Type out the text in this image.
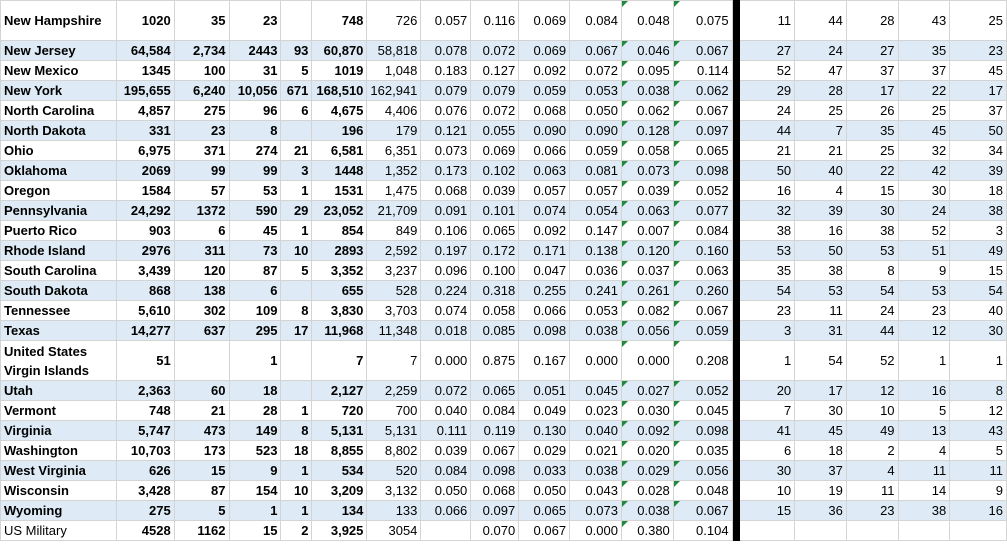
New Hampshire	1020	35	23		748	726	0.057	0.116	0.069	0.084	0.048	0.075		11	44	28	43	25
New Jersey	64,584	2,734	2443	93	60,870	58,818	0.078	0.072	0.069	0.067	0.046	0.067		27	24	27	35	23
New Mexico	1345	100	31	5	1019	1,048	0.183	0.127	0.092	0.072	0.095	0.114		52	47	37	37	45
New York	195,655	6,240	10,056	671	168,510	162,941	0.079	0.079	0.059	0.053	0.038	0.062		29	28	17	22	17
North Carolina	4,857	275	96	6	4,675	4,406	0.076	0.072	0.068	0.050	0.062	0.067		24	25	26	25	37
North Dakota	331	23	8		196	179	0.121	0.055	0.090	0.090	0.128	0.097		44	7	35	45	50
Ohio	6,975	371	274	21	6,581	6,351	0.073	0.069	0.066	0.059	0.058	0.065		21	21	25	32	34
Oklahoma	2069	99	99	3	1448	1,352	0.173	0.102	0.063	0.081	0.073	0.098		50	40	22	42	39
Oregon	1584	57	53	1	1531	1,475	0.068	0.039	0.057	0.057	0.039	0.052		16	4	15	30	18
Pennsylvania	24,292	1372	590	29	23,052	21,709	0.091	0.101	0.074	0.054	0.063	0.077		32	39	30	24	38
Puerto Rico	903	6	45	1	854	849	0.106	0.065	0.092	0.147	0.007	0.084		38	16	38	52	3
Rhode Island	2976	311	73	10	2893	2,592	0.197	0.172	0.171	0.138	0.120	0.160		53	50	53	51	49
South Carolina	3,439	120	87	5	3,352	3,237	0.096	0.100	0.047	0.036	0.037	0.063		35	38	8	9	15
South Dakota	868	138	6		655	528	0.224	0.318	0.255	0.241	0.261	0.260		54	53	54	53	54
Tennessee	5,610	302	109	8	3,830	3,703	0.074	0.058	0.066	0.053	0.082	0.067		23	11	24	23	40
Texas	14,277	637	295	17	11,968	11,348	0.018	0.085	0.098	0.038	0.056	0.059		3	31	44	12	30
United States Virgin Islands	51		1		7	7	0.000	0.875	0.167	0.000	0.000	0.208		1	54	52	1	1
Utah	2,363	60	18		2,127	2,259	0.072	0.065	0.051	0.045	0.027	0.052		20	17	12	16	8
Vermont	748	21	28	1	720	700	0.040	0.084	0.049	0.023	0.030	0.045		7	30	10	5	12
Virginia	5,747	473	149	8	5,131	5,131	0.111	0.119	0.130	0.040	0.092	0.098		41	45	49	13	43
Washington	10,703	173	523	18	8,855	8,802	0.039	0.067	0.029	0.021	0.020	0.035		6	18	2	4	5
West Virginia	626	15	9	1	534	520	0.084	0.098	0.033	0.038	0.029	0.056		30	37	4	11	11
Wisconsin	3,428	87	154	10	3,209	3,132	0.050	0.068	0.050	0.043	0.028	0.048		10	19	11	14	9
Wyoming	275	5	1	1	134	133	0.066	0.097	0.065	0.073	0.038	0.067		15	36	23	38	16
US Military	4528	1162	15	2	3,925	3054		0.070	0.067	0.000	0.380	0.104						
